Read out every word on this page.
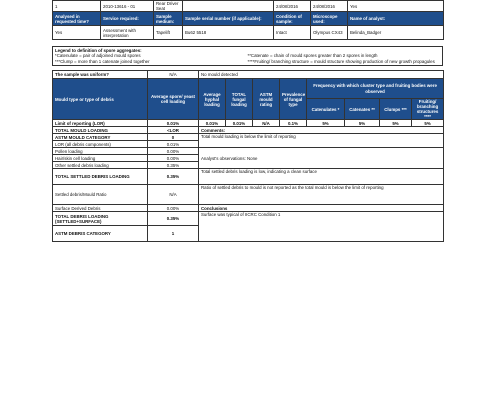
1	2010-13616 - 01	Rear Driver Seat		24/08/2016	24/08/2016	Yes
Analysed in requested time?	Service required:	Sample medium:	Sample serial number (if applicable):	Condition of sample:	Microscope used:	Name of analyst:
Yes	Assessment with interpretation	Tapelift	Bu62 5518	Intact	Olympus CX43	Belinda_Badger
Legend to definition of spore aggregates:
*Catenulate = pair of adjoined mould spores	**Catenate = chain of mould spores greater than 2 spores in length
***Clump = more than 1 catenate joined together	****Fruiting/ branching structure = mould structure showing production of new growth propagules
The sample was uniform?	N/A	No mould detected							
Mould type or type of debris	Average spore/ yeast cell loading	Average hyphal loading	TOTAL fungal loading	ASTM mould rating	Prevalence of fungal type	Frequency with which cluster type and fruiting bodies were observed			
						Catenulates *	Catenates **	Clumps ***	Fruiting/ branching structures ****
Limit of reporting (LOR)	0.01%	0.01%	0.01%	N/A	0.1%	5%	5%	5%	5%
TOTAL MOULD LOADING	<LOR	Comments:							
ASTM MOULD CATEGORY	0	Total mould loading is below the limit of reporting							
LOR (all debris components)	0.01%								
Pollen loading	0.00%	Analyst's observations: None							
Hair/skin cell loading	0.00%								
Other settled debris loading	0.35%								
TOTAL SETTLED DEBRIS LOADING	0.35%	Total settled debris loading is low, indicating a clean surface							
Settled debris/Mould Ratio	N/A	Ratio of settled debris to mould is not reported as the total mould is below the limit of reporting							
Surface Derived Debris	0.00%	Conclusions							
TOTAL DEBRIS LOADING (SETTLED+SURFACE)	0.35%	Surface was typical of IICRC Condition 1							
ASTM DEBRIS CATEGORY	1								
